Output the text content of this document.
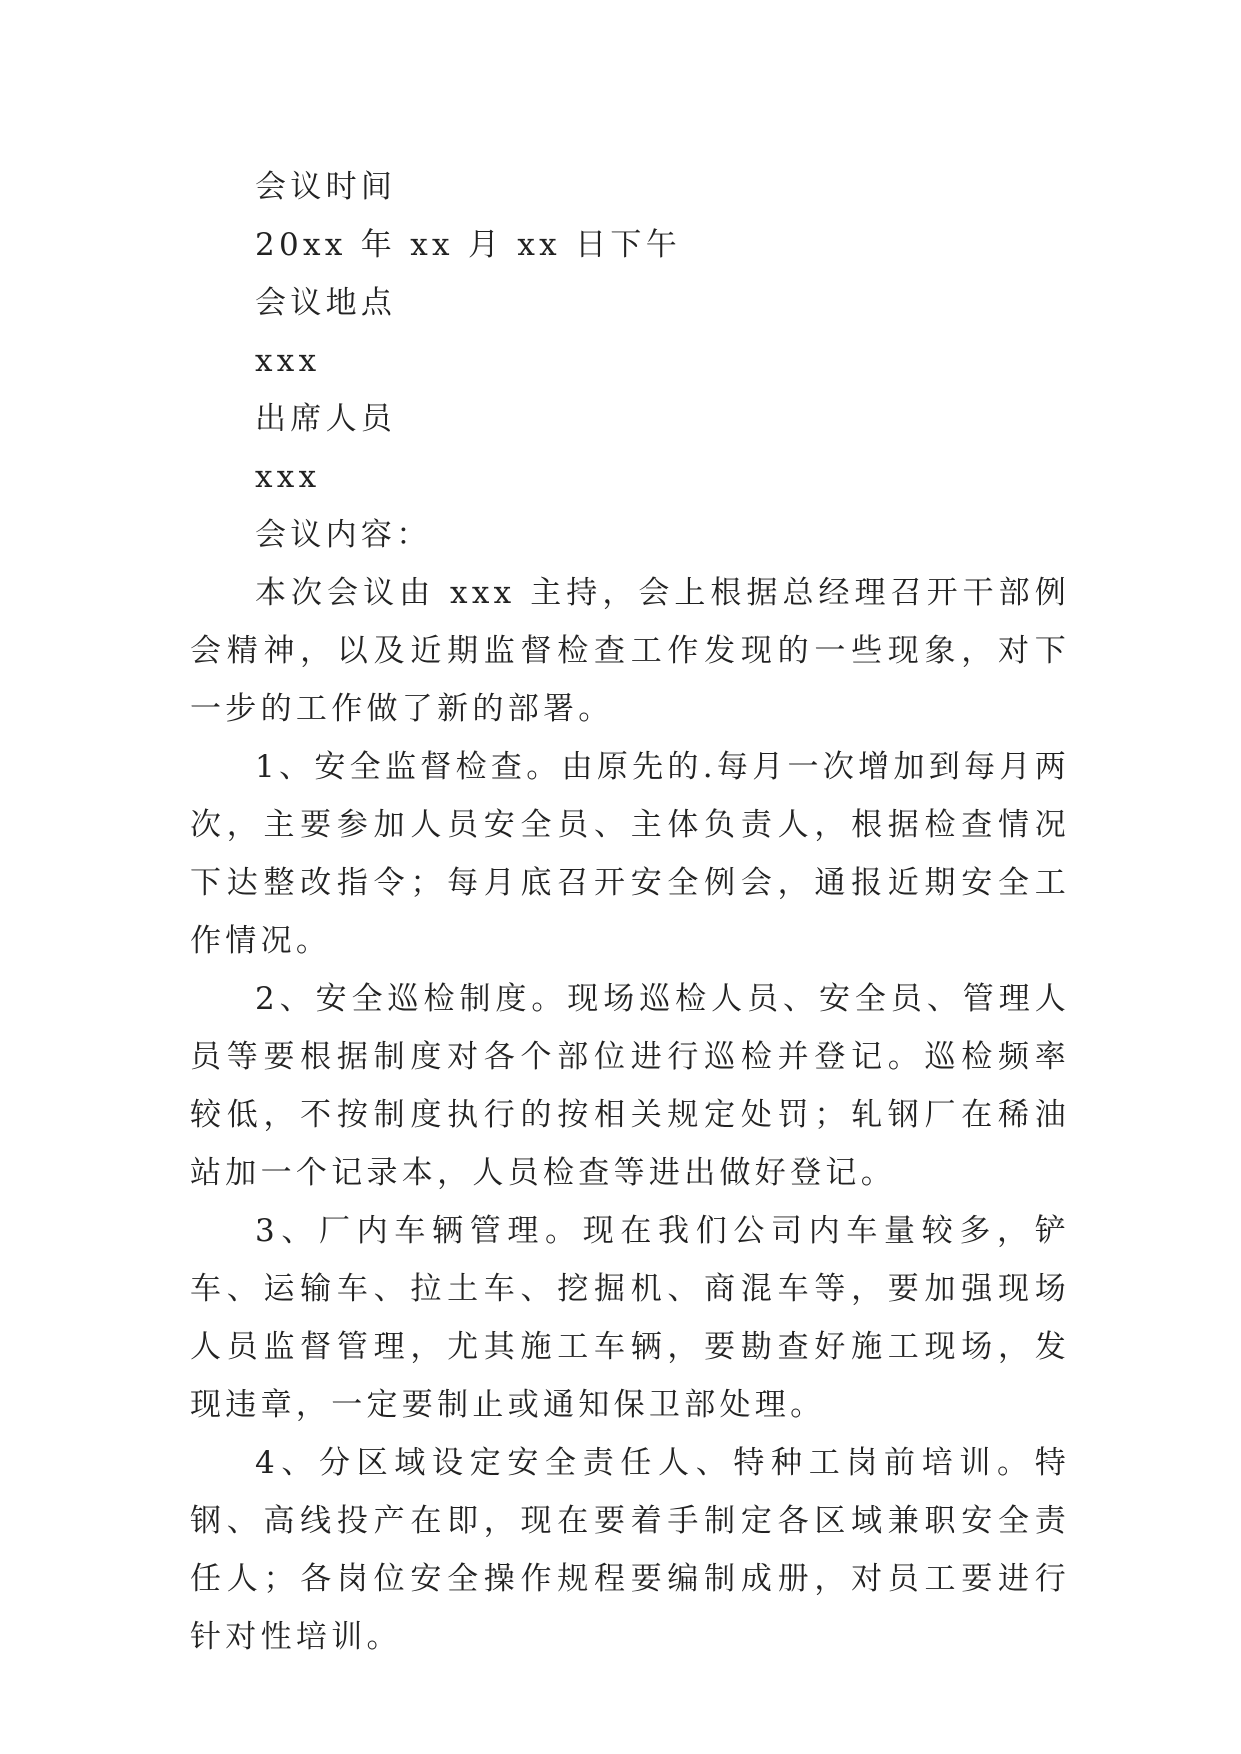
会议时间

20xx 年 xx 月 xx 日下午

会议地点

xxx

出席人员

xxx

会议内容：

本次会议由 xxx 主持，会上根据总经理召开干部例会精神，以及近期监督检查工作发现的一些现象，对下一步的工作做了新的部署。

1、安全监督检查。由原先的.每月一次增加到每月两次，主要参加人员安全员、主体负责人，根据检查情况下达整改指令；每月底召开安全例会，通报近期安全工作情况。

2、安全巡检制度。现场巡检人员、安全员、管理人员等要根据制度对各个部位进行巡检并登记。巡检频率较低，不按制度执行的按相关规定处罚；轧钢厂在稀油站加一个记录本，人员检查等进出做好登记。

3、厂内车辆管理。现在我们公司内车量较多，铲车、运输车、拉土车、挖掘机、商混车等，要加强现场人员监督管理，尤其施工车辆，要勘查好施工现场，发现违章，一定要制止或通知保卫部处理。

4、分区域设定安全责任人、特种工岗前培训。特钢、高线投产在即，现在要着手制定各区域兼职安全责任人；各岗位安全操作规程要编制成册，对员工要进行针对性培训。
